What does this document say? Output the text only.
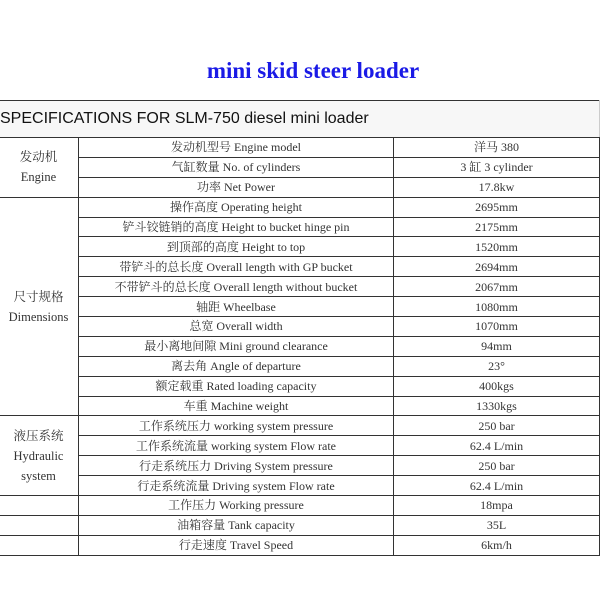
mini skid steer loader
SPECIFICATIONS FOR SLM-750 diesel mini loader		
发动机
Engine	发动机型号 Engine model	洋马 380
	气缸数量 No. of cylinders	3 缸 3 cylinder
	功率 Net Power	17.8kw
尺寸规格
Dimensions	操作高度 Operating height	2695mm
	铲斗铰链销的高度 Height to bucket hinge pin	2175mm
	到顶部的高度 Height to top	1520mm
	带铲斗的总长度 Overall length with GP bucket	2694mm
	不带铲斗的总长度 Overall length without bucket	2067mm
	轴距 Wheelbase	1080mm
	总宽 Overall width	1070mm
	最小离地间隙 Mini ground clearance	94mm
	离去角 Angle of departure	23°
	额定载重 Rated loading capacity	400kgs
	车重 Machine weight	1330kgs
液压系统
Hydraulic
system	工作系统压力 working system pressure	250 bar
	工作系统流量 working system Flow rate	62.4 L/min
	行走系统压力 Driving System pressure	250 bar
	行走系统流量 Driving system Flow rate	62.4 L/min
	工作压力 Working pressure	18mpa
	油箱容量 Tank capacity	35L
	行走速度 Travel Speed	6km/h
